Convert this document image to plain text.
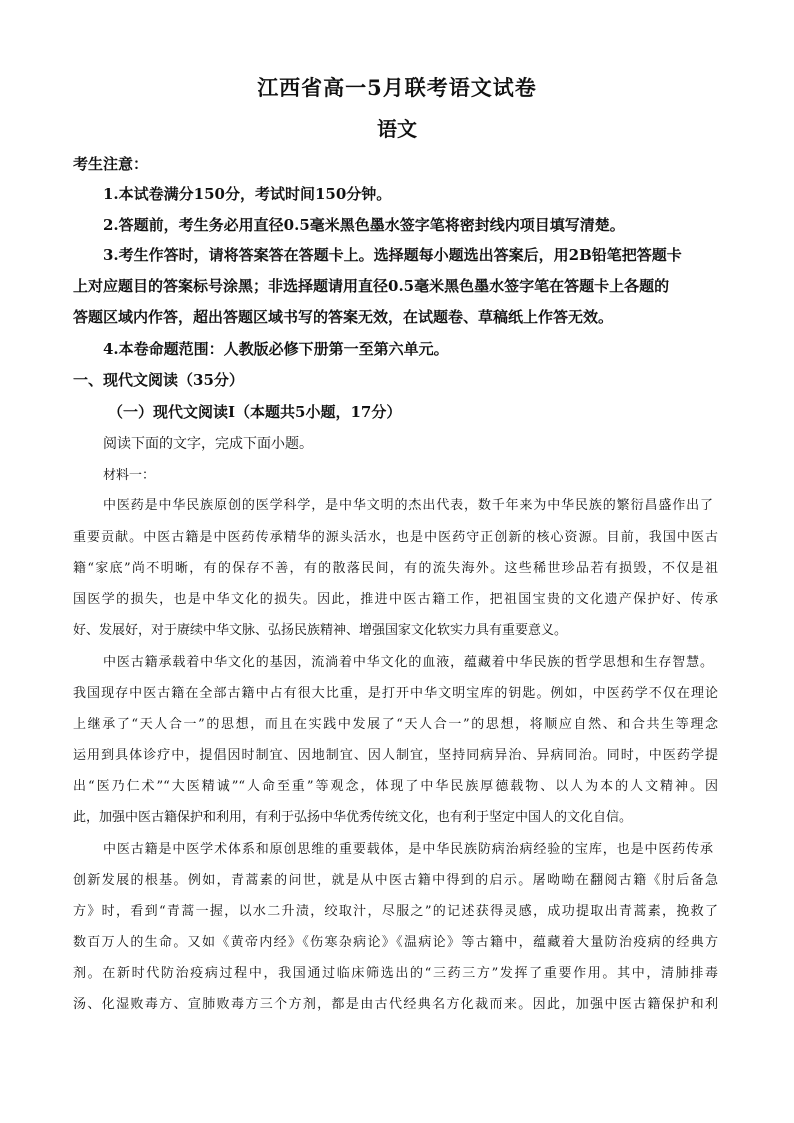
江西省高一5月联考语文试卷
语文
考生注意：
1.本试卷满分150分，考试时间150分钟。
2.答题前，考生务必用直径0.5毫米黑色墨水签字笔将密封线内项目填写清楚。
3.考生作答时，请将答案答在答题卡上。选择题每小题选出答案后，用2B铅笔把答题卡
上对应题目的答案标号涂黑；非选择题请用直径0.5毫米黑色墨水签字笔在答题卡上各题的
答题区域内作答，超出答题区域书写的答案无效，在试题卷、草稿纸上作答无效。
4.本卷命题范围：人教版必修下册第一至第六单元。
一、现代文阅读（35分）
（一）现代文阅读Ⅰ（本题共5小题，17分）
阅读下面的文字，完成下面小题。
材料一：
中医药是中华民族原创的医学科学，是中华文明的杰出代表，数千年来为中华民族的繁衍昌盛作出了
重要贡献。中医古籍是中医药传承精华的源头活水，也是中医药守正创新的核心资源。目前，我国中医古
籍“家底”尚不明晰，有的保存不善，有的散落民间，有的流失海外。这些稀世珍品若有损毁，不仅是祖
国医学的损失，也是中华文化的损失。因此，推进中医古籍工作，把祖国宝贵的文化遗产保护好、传承
好、发展好，对于赓续中华文脉、弘扬民族精神、增强国家文化软实力具有重要意义。
中医古籍承载着中华文化的基因，流淌着中华文化的血液，蕴藏着中华民族的哲学思想和生存智慧。
我国现存中医古籍在全部古籍中占有很大比重，是打开中华文明宝库的钥匙。例如，中医药学不仅在理论
上继承了“天人合一”的思想，而且在实践中发展了“天人合一”的思想，将顺应自然、和合共生等理念
运用到具体诊疗中，提倡因时制宜、因地制宜、因人制宜，坚持同病异治、异病同治。同时，中医药学提
出“医乃仁术”“大医精诚”“人命至重”等观念，体现了中华民族厚德载物、以人为本的人文精神。因
此，加强中医古籍保护和利用，有利于弘扬中华优秀传统文化，也有利于坚定中国人的文化自信。
中医古籍是中医学术体系和原创思维的重要载体，是中华民族防病治病经验的宝库，也是中医药传承
创新发展的根基。例如，青蒿素的问世，就是从中医古籍中得到的启示。屠呦呦在翻阅古籍《肘后备急
方》时，看到“青蒿一握，以水二升渍，绞取汁，尽服之”的记述获得灵感，成功提取出青蒿素，挽救了
数百万人的生命。又如《黄帝内经》《伤寒杂病论》《温病论》等古籍中，蕴藏着大量防治疫病的经典方
剂。在新时代防治疫病过程中，我国通过临床筛选出的“三药三方”发挥了重要作用。其中，清肺排毒
汤、化湿败毒方、宣肺败毒方三个方剂，都是由古代经典名方化裁而来。因此，加强中医古籍保护和利
